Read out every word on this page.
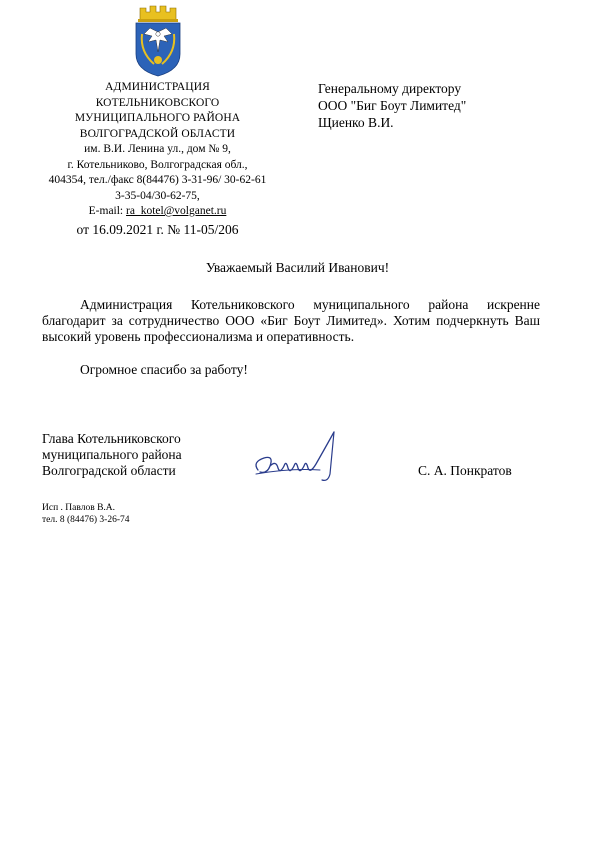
АДМИНИСТРАЦИЯ
КОТЕЛЬНИКОВСКОГО
МУНИЦИПАЛЬНОГО РАЙОНА
ВОЛГОГРАДСКОЙ ОБЛАСТИ
им. В.И. Ленина ул., дом № 9,
г. Котельниково, Волгоградская обл.,
404354, тел./факс 8(84476) 3-31-96/ 30-62-61
3-35-04/30-62-75,
E-mail: ra_kotel@volganet.ru
от 16.09.2021 г. № 11-05/206
Генеральному директору
ООО "Биг Боут Лимитед"
Щиенко В.И.
Уважаемый Василий Иванович!

Администрация Котельниковского муниципального района искренне благодарит за сотрудничество ООО «Биг Боут Лимитед». Хотим подчеркнуть Ваш высокий уровень профессионализма и оперативность.

Огромное спасибо за работу!
Глава Котельниковского
муниципального района
Волгоградской области	С. А. Понкратов
Исп . Павлов В.А.
тел. 8 (84476) 3-26-74
